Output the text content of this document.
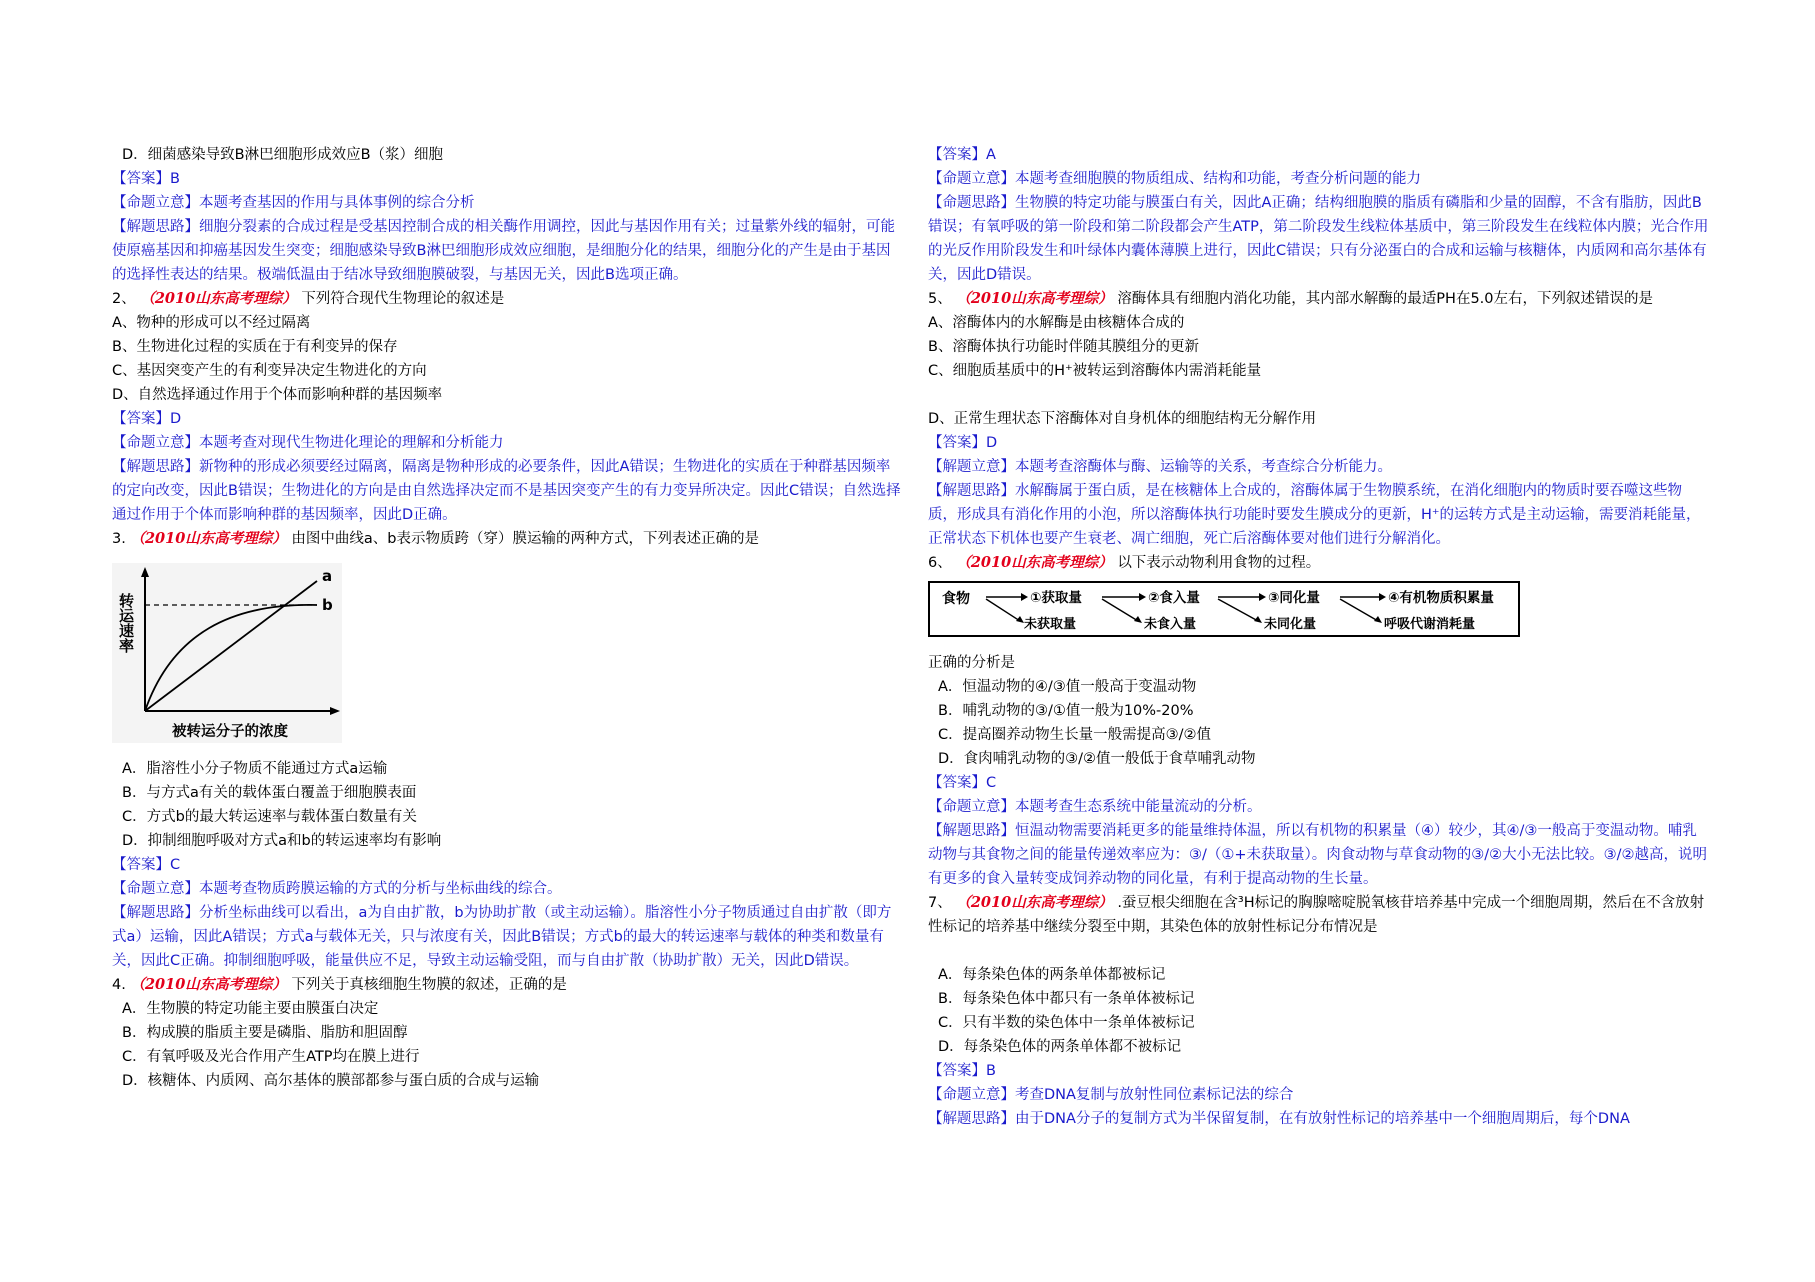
D．细菌感染导致B淋巴细胞形成效应B（浆）细胞
【答案】B
【命题立意】本题考查基因的作用与具体事例的综合分析
【解题思路】细胞分裂素的合成过程是受基因控制合成的相关酶作用调控，因此与基因作用有关；过量紫外线的辐射，可能使原癌基因和抑癌基因发生突变；细胞感染导致B淋巴细胞形成效应细胞，是细胞分化的结果，细胞分化的产生是由于基因的选择性表达的结果。极端低温由于结冰导致细胞膜破裂，与基因无关，因此B选项正确。
2、 （2010山东高考理综） 下列符合现代生物理论的叙述是
A、物种的形成可以不经过隔离
B、生物进化过程的实质在于有利变异的保存
C、基因突变产生的有利变异决定生物进化的方向
D、自然选择通过作用于个体而影响种群的基因频率
【答案】D
【命题立意】本题考查对现代生物进化理论的理解和分析能力
【解题思路】新物种的形成必须要经过隔离，隔离是物种形成的必要条件，因此A错误；生物进化的实质在于种群基因频率的定向改变，因此B错误；生物进化的方向是由自然选择决定而不是基因突变产生的有力变异所决定。因此C错误；自然选择通过作用于个体而影响种群的基因频率，因此D正确。
3. （2010山东高考理综） 由图中曲线a、b表示物质跨（穿）膜运输的两种方式，下列表述正确的是
a
b
转运速率
被转运分子的浓度
A．脂溶性小分子物质不能通过方式a运输
B．与方式a有关的载体蛋白覆盖于细胞膜表面
C．方式b的最大转运速率与载体蛋白数量有关
D．抑制细胞呼吸对方式a和b的转运速率均有影响
【答案】C
【命题立意】本题考查物质跨膜运输的方式的分析与坐标曲线的综合。
【解题思路】分析坐标曲线可以看出，a为自由扩散，b为协助扩散（或主动运输）。脂溶性小分子物质通过自由扩散（即方式a）运输，因此A错误；方式a与载体无关，只与浓度有关，因此B错误；方式b的最大的转运速率与载体的种类和数量有关，因此C正确。抑制细胞呼吸，能量供应不足，导致主动运输受阻，而与自由扩散（协助扩散）无关，因此D错误。
4. （2010山东高考理综） 下列关于真核细胞生物膜的叙述，正确的是
A．生物膜的特定功能主要由膜蛋白决定
B．构成膜的脂质主要是磷脂、脂肪和胆固醇
C．有氧呼吸及光合作用产生ATP均在膜上进行
D．核糖体、内质网、高尔基体的膜部都参与蛋白质的合成与运输
【答案】A
【命题立意】本题考查细胞膜的物质组成、结构和功能，考查分析问题的能力
【命题思路】生物膜的特定功能与膜蛋白有关，因此A正确；结构细胞膜的脂质有磷脂和少量的固醇，不含有脂肪，因此B错误；有氧呼吸的第一阶段和第二阶段都会产生ATP，第二阶段发生线粒体基质中，第三阶段发生在线粒体内膜；光合作用的光反作用阶段发生和叶绿体内囊体薄膜上进行，因此C错误；只有分泌蛋白的合成和运输与核糖体，内质网和高尔基体有关，因此D错误。
5、 （2010山东高考理综） 溶酶体具有细胞内消化功能，其内部水解酶的最适PH在5.0左右，下列叙述错误的是
A、溶酶体内的水解酶是由核糖体合成的
B、溶酶体执行功能时伴随其膜组分的更新
C、细胞质基质中的H⁺被转运到溶酶体内需消耗能量
D、正常生理状态下溶酶体对自身机体的细胞结构无分解作用
【答案】D
【解题立意】本题考查溶酶体与酶、运输等的关系，考查综合分析能力。
【解题思路】水解酶属于蛋白质，是在核糖体上合成的，溶酶体属于生物膜系统，在消化细胞内的物质时要吞噬这些物质，形成具有消化作用的小泡，所以溶酶体执行功能时要发生膜成分的更新，H⁺的运转方式是主动运输，需要消耗能量，正常状态下机体也要产生衰老、凋亡细胞，死亡后溶酶体要对他们进行分解消化。
6、 （2010山东高考理综） 以下表示动物利用食物的过程。
食物	①获取量	②食入量	③同化量	④有机物质积累量
未获取量	未食入量	未同化量	呼吸代谢消耗量
正确的分析是
A．恒温动物的④/③值一般高于变温动物
B．哺乳动物的③/①值一般为10%-20%
C．提高圈养动物生长量一般需提高③/②值
D．食肉哺乳动物的③/②值一般低于食草哺乳动物
【答案】C
【命题立意】本题考查生态系统中能量流动的分析。
【解题思路】恒温动物需要消耗更多的能量维持体温，所以有机物的积累量（④）较少，其④/③一般高于变温动物。哺乳动物与其食物之间的能量传递效率应为：③/（①+未获取量）。肉食动物与草食动物的③/②大小无法比较。③/②越高，说明有更多的食入量转变成饲养动物的同化量，有利于提高动物的生长量。
7、 （2010山东高考理综） .蚕豆根尖细胞在含³H标记的胸腺嘧啶脱氧核苷培养基中完成一个细胞周期，然后在不含放射性标记的培养基中继续分裂至中期，其染色体的放射性标记分布情况是
A．每条染色体的两条单体都被标记
B．每条染色体中都只有一条单体被标记
C．只有半数的染色体中一条单体被标记
D．每条染色体的两条单体都不被标记
【答案】B
【命题立意】考查DNA复制与放射性同位素标记法的综合
【解题思路】由于DNA分子的复制方式为半保留复制，在有放射性标记的培养基中一个细胞周期后，每个DNA
